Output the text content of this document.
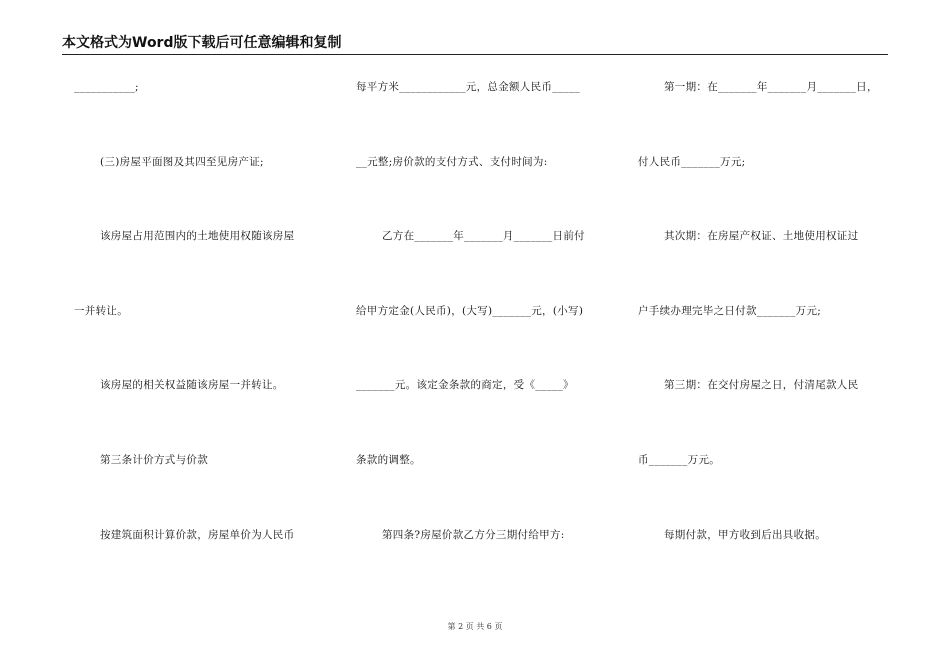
本文格式为Word版下载后可任意编辑和复制
___________;
(三)房屋平面图及其四至见房产证;
该房屋占用范围内的土地使用权随该房屋
一并转让。
该房屋的相关权益随该房屋一并转让。
第三条计价方式与价款
按建筑面积计算价款，房屋单价为人民币
每平方米____________元，总金额人民币_____
__元整;房价款的支付方式、支付时间为:
乙方在_______年_______月_______日前付
给甲方定金(人民币)，(大写)_______元，(小写)
_______元。该定金条款的商定，受《_____》
条款的调整。
第四条?房屋价款乙方分三期付给甲方:
第一期：在_______年_______月_______日，
付人民币_______万元;
其次期：在房屋产权证、土地使用权证过
户手续办理完毕之日付款_______万元;
第三期：在交付房屋之日，付清尾款人民
币_______万元。
每期付款，甲方收到后出具收据。
第 2 页 共 6 页
